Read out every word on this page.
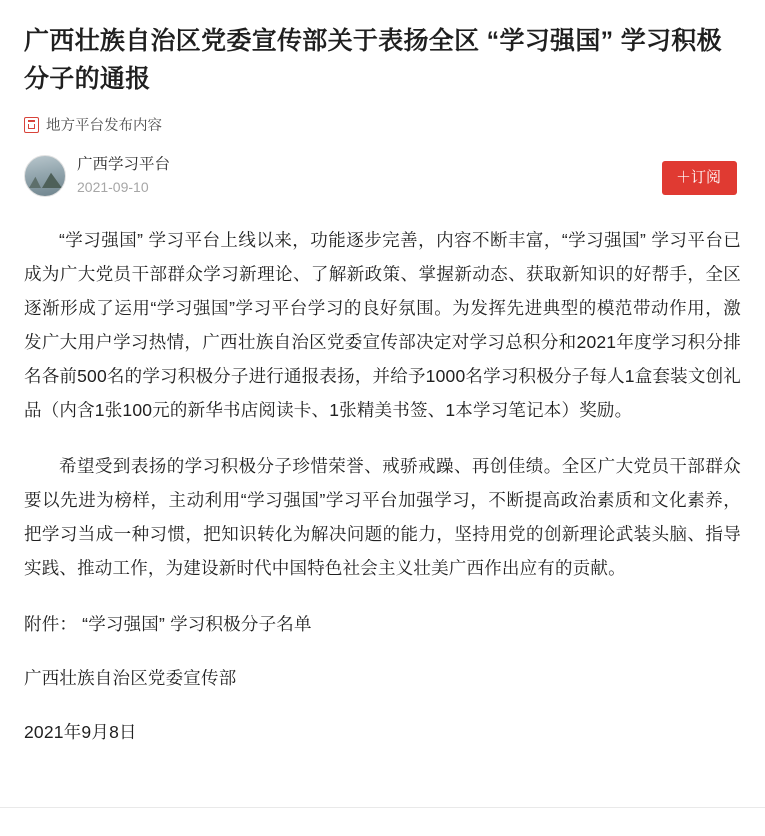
广西壮族自治区党委宣传部关于表扬全区 “学习强国” 学习积极分子的通报
地方平台发布内容
广西学习平台
2021-09-10
＋订阅

“学习强国” 学习平台上线以来，功能逐步完善，内容不断丰富，“学习强国” 学习平台已成为广大党员干部群众学习新理论、了解新政策、掌握新动态、获取新知识的好帮手，全区逐渐形成了运用“学习强国”学习平台学习的良好氛围。为发挥先进典型的模范带动作用，激发广大用户学习热情，广西壮族自治区党委宣传部决定对学习总积分和2021年度学习积分排名各前500名的学习积极分子进行通报表扬，并给予1000名学习积极分子每人1盒套装文创礼品（内含1张100元的新华书店阅读卡、1张精美书签、1本学习笔记本）奖励。

希望受到表扬的学习积极分子珍惜荣誉、戒骄戒躁、再创佳绩。全区广大党员干部群众要以先进为榜样，主动利用“学习强国”学习平台加强学习，不断提高政治素质和文化素养，把学习当成一种习惯，把知识转化为解决问题的能力，坚持用党的创新理论武装头脑、指导实践、推动工作，为建设新时代中国特色社会主义壮美广西作出应有的贡献。

附件： “学习强国” 学习积极分子名单

广西壮族自治区党委宣传部

2021年9月8日
